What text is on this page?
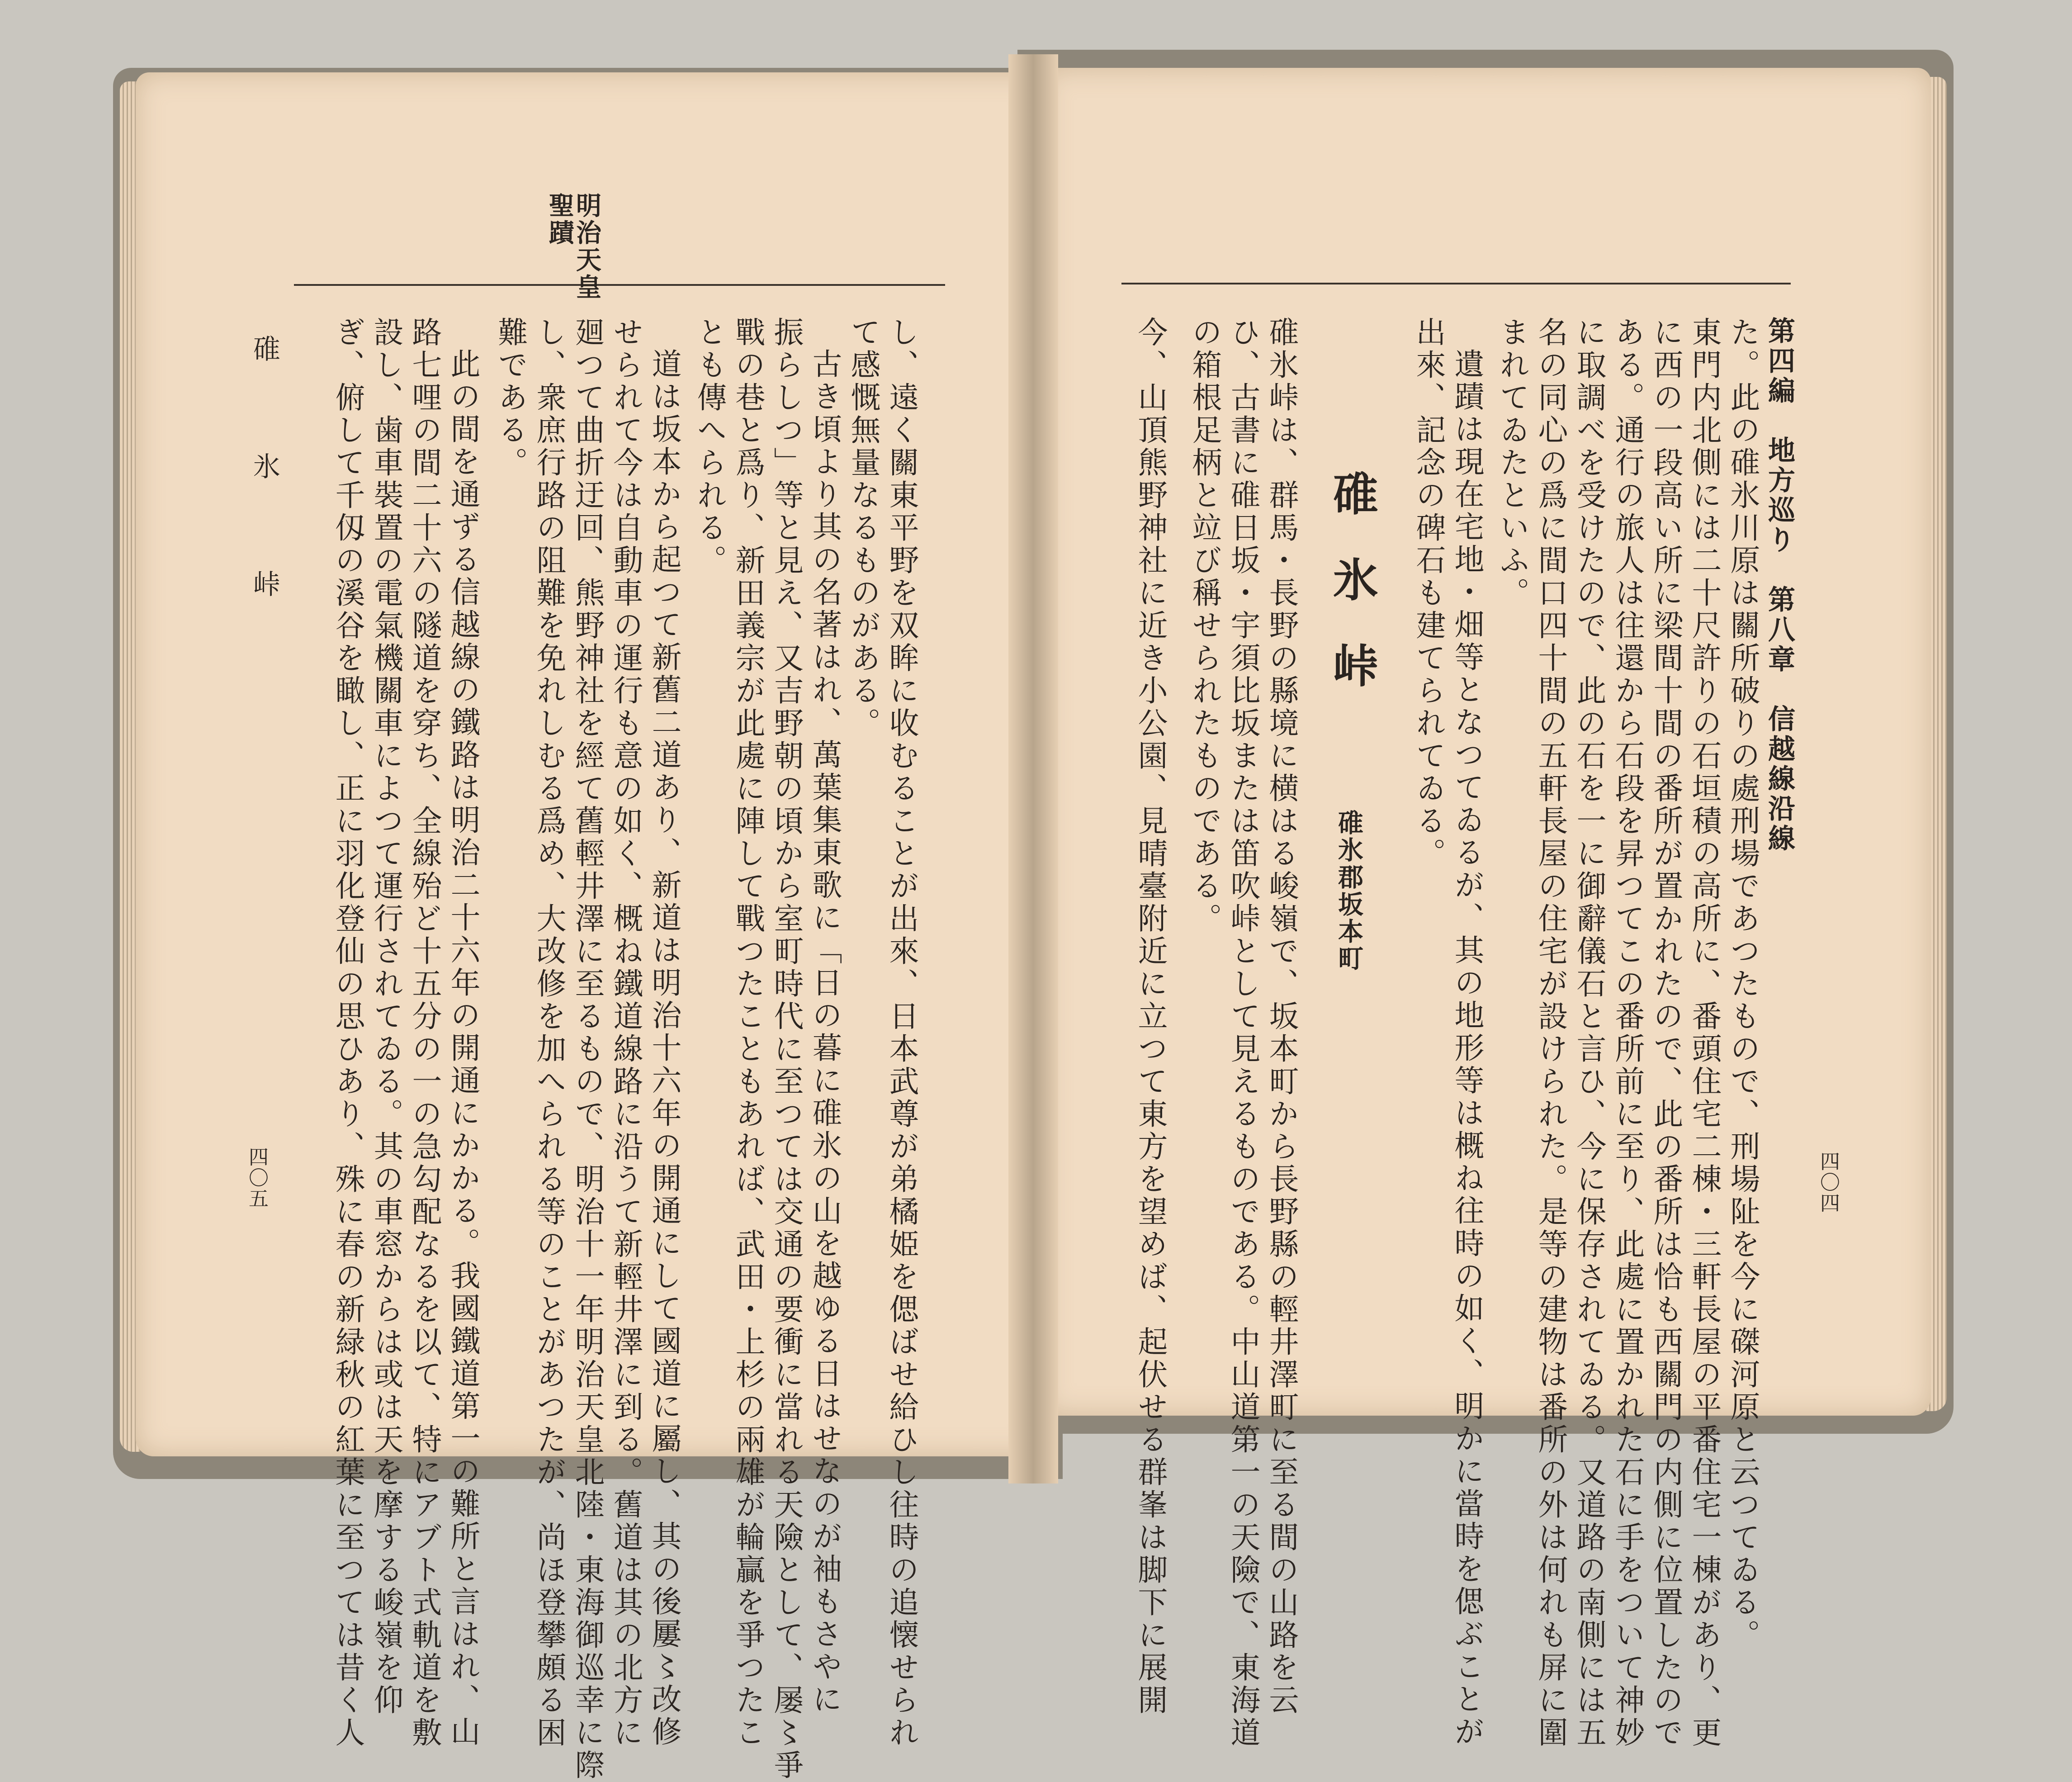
第四編　地方巡り　第八章　信越線沿線
四〇四
た。此の碓氷川原は關所破りの處刑場であつたもので、刑場阯を今に磔河原と云つてゐる。
東門内北側には二十尺許りの石垣積の高所に、番頭住宅二棟・三軒長屋の平番住宅一棟があり、更
に西の一段高い所に梁間十間の番所が置かれたので、此の番所は恰も西關門の内側に位置したので
ある。通行の旅人は往還から石段を昇つてこの番所前に至り、此處に置かれた石に手をついて神妙
に取調べを受けたので、此の石を一に御辭儀石と言ひ、今に保存されてゐる。又道路の南側には五
名の同心の爲に間口四十間の五軒長屋の住宅が設けられた。是等の建物は番所の外は何れも屏に圍
まれてゐたといふ。
遺蹟は現在宅地・畑等となつてゐるが、其の地形等は概ね往時の如く、明かに當時を偲ぶことが
出來、記念の碑石も建てられてゐる。
碓氷峠
碓氷郡坂本町
碓氷峠は、群馬・長野の縣境に横はる峻嶺で、坂本町から長野縣の輕井澤町に至る間の山路を云
ひ、古書に碓日坂・宇須比坂または笛吹峠として見えるものである。中山道第一の天險で、東海道
の箱根足柄と竝び稱せられたものである。
今、山頂熊野神社に近き小公園、見晴臺附近に立つて東方を望めば、起伏せる群峯は脚下に展開
明治天皇
聖蹟
し、遠く關東平野を双眸に收むることが出來、日本武尊が弟橘姫を偲ばせ給ひし往時の追懐せられ
て感慨無量なるものがある。
古き頃より其の名著はれ、萬葉集東歌に「日の暮に碓氷の山を越ゆる日はせなのが袖もさやに
振らしつ」等と見え、又吉野朝の頃から室町時代に至つては交通の要衝に當れる天險として、屡〻爭
戰の巷と爲り、新田義宗が此處に陣して戰つたこともあれば、武田・上杉の兩雄が輪贏を爭つたこ
とも傳へられる。
道は坂本から起つて新舊二道あり、新道は明治十六年の開通にして國道に屬し、其の後屢〻改修
せられて今は自動車の運行も意の如く、概ね鐵道線路に沿うて新輕井澤に到る。舊道は其の北方に
廻つて曲折迂回、熊野神社を經て舊輕井澤に至るもので、明治十一年明治天皇北陸・東海御巡幸に際
し、衆庶行路の阻難を免れしむる爲め、大改修を加へられる等のことがあつたが、尚ほ登攀頗る困
難である。
此の間を通ずる信越線の鐵路は明治二十六年の開通にかかる。我國鐵道第一の難所と言はれ、山
路七哩の間二十六の隧道を穿ち、全線殆ど十五分の一の急勾配なるを以て、特にアブト式軌道を敷
設し、歯車裝置の電氣機關車によつて運行されてゐる。其の車窓からは或は天を摩する峻嶺を仰
ぎ、俯して千仭の溪谷を瞰し、正に羽化登仙の思ひあり、殊に春の新緑秋の紅葉に至つては昔く人
碓　氷　峠
四〇五
